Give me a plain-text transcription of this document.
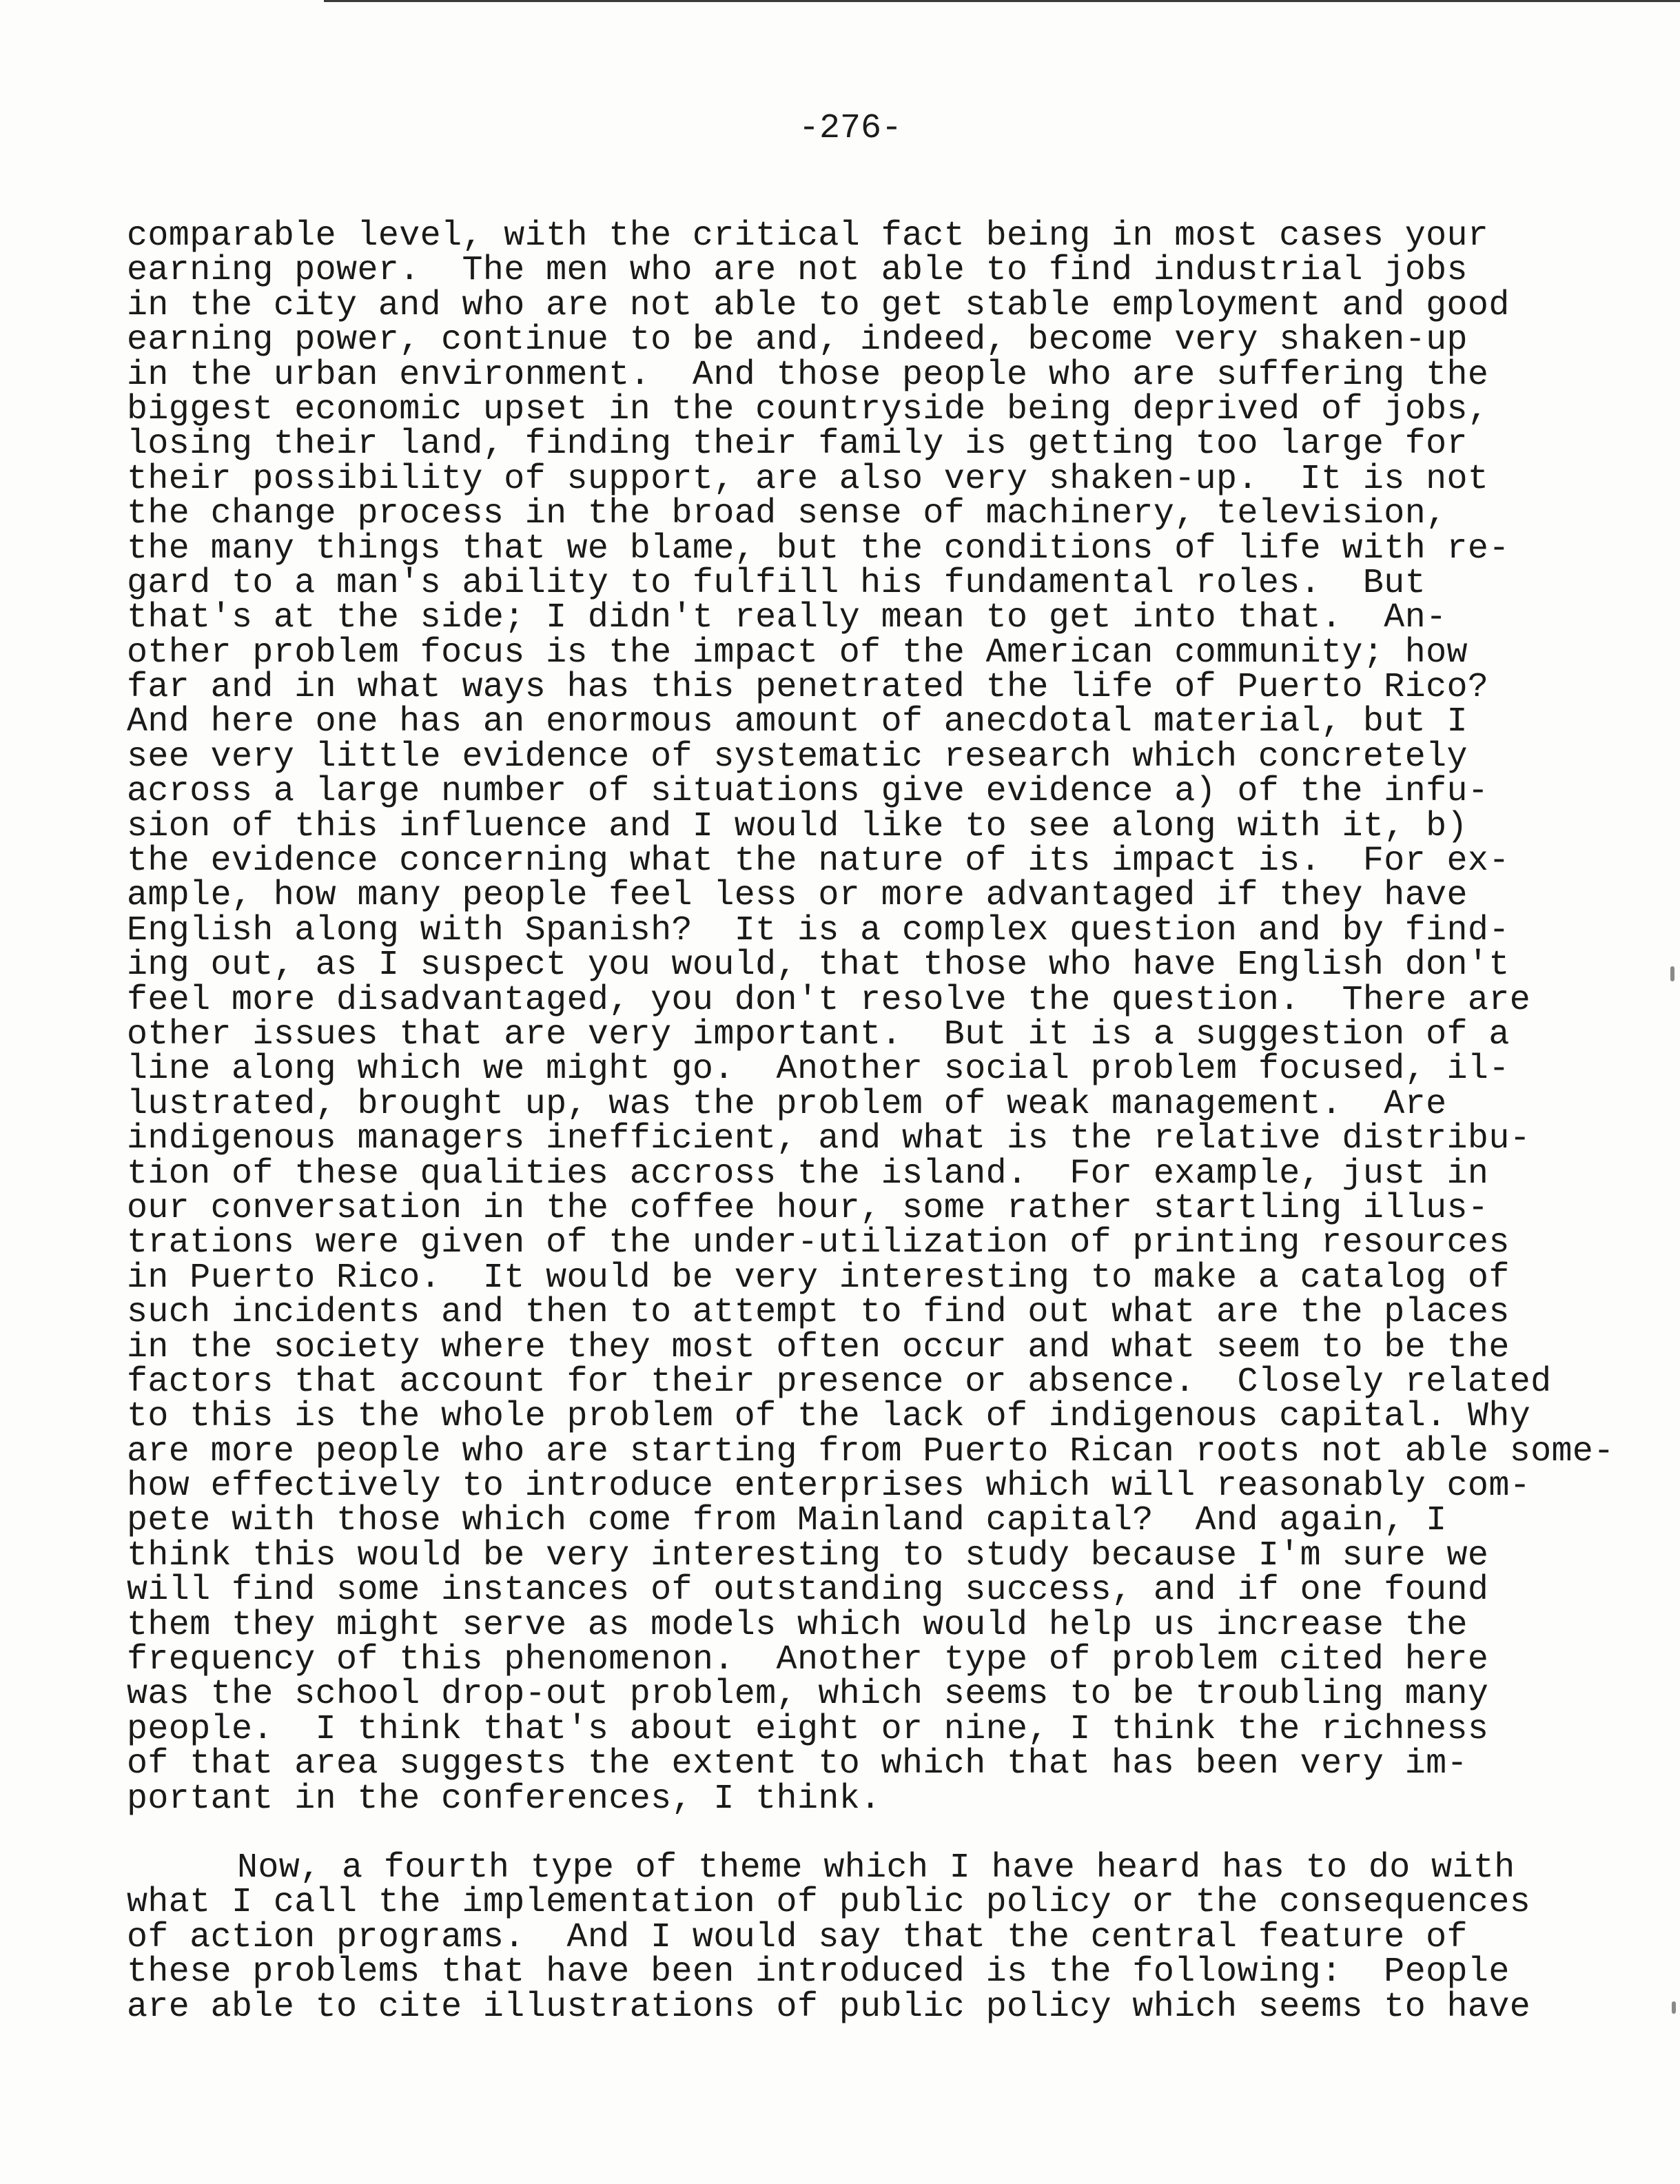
-276-
comparable level, with the critical fact being in most cases your
earning power.  The men who are not able to find industrial jobs
in the city and who are not able to get stable employment and good
earning power, continue to be and, indeed, become very shaken-up
in the urban environment.  And those people who are suffering the
biggest economic upset in the countryside being deprived of jobs,
losing their land, finding their family is getting too large for
their possibility of support, are also very shaken-up.  It is not
the change process in the broad sense of machinery, television,
the many things that we blame, but the conditions of life with re-
gard to a man's ability to fulfill his fundamental roles.  But
that's at the side; I didn't really mean to get into that.  An-
other problem focus is the impact of the American community; how
far and in what ways has this penetrated the life of Puerto Rico?
And here one has an enormous amount of anecdotal material, but I
see very little evidence of systematic research which concretely
across a large number of situations give evidence a) of the infu-
sion of this influence and I would like to see along with it, b)
the evidence concerning what the nature of its impact is.  For ex-
ample, how many people feel less or more advantaged if they have
English along with Spanish?  It is a complex question and by find-
ing out, as I suspect you would, that those who have English don't
feel more disadvantaged, you don't resolve the question.  There are
other issues that are very important.  But it is a suggestion of a
line along which we might go.  Another social problem focused, il-
lustrated, brought up, was the problem of weak management.  Are
indigenous managers inefficient, and what is the relative distribu-
tion of these qualities accross the island.  For example, just in
our conversation in the coffee hour, some rather startling illus-
trations were given of the under-utilization of printing resources
in Puerto Rico.  It would be very interesting to make a catalog of
such incidents and then to attempt to find out what are the places
in the society where they most often occur and what seem to be the
factors that account for their presence or absence.  Closely related
to this is the whole problem of the lack of indigenous capital. Why
are more people who are starting from Puerto Rican roots not able some-
how effectively to introduce enterprises which will reasonably com-
pete with those which come from Mainland capital?  And again, I
think this would be very interesting to study because I'm sure we
will find some instances of outstanding success, and if one found
them they might serve as models which would help us increase the
frequency of this phenomenon.  Another type of problem cited here
was the school drop-out problem, which seems to be troubling many
people.  I think that's about eight or nine, I think the richness
of that area suggests the extent to which that has been very im-
portant in the conferences, I think.
Now, a fourth type of theme which I have heard has to do with
what I call the implementation of public policy or the consequences
of action programs.  And I would say that the central feature of
these problems that have been introduced is the following:  People
are able to cite illustrations of public policy which seems to have
